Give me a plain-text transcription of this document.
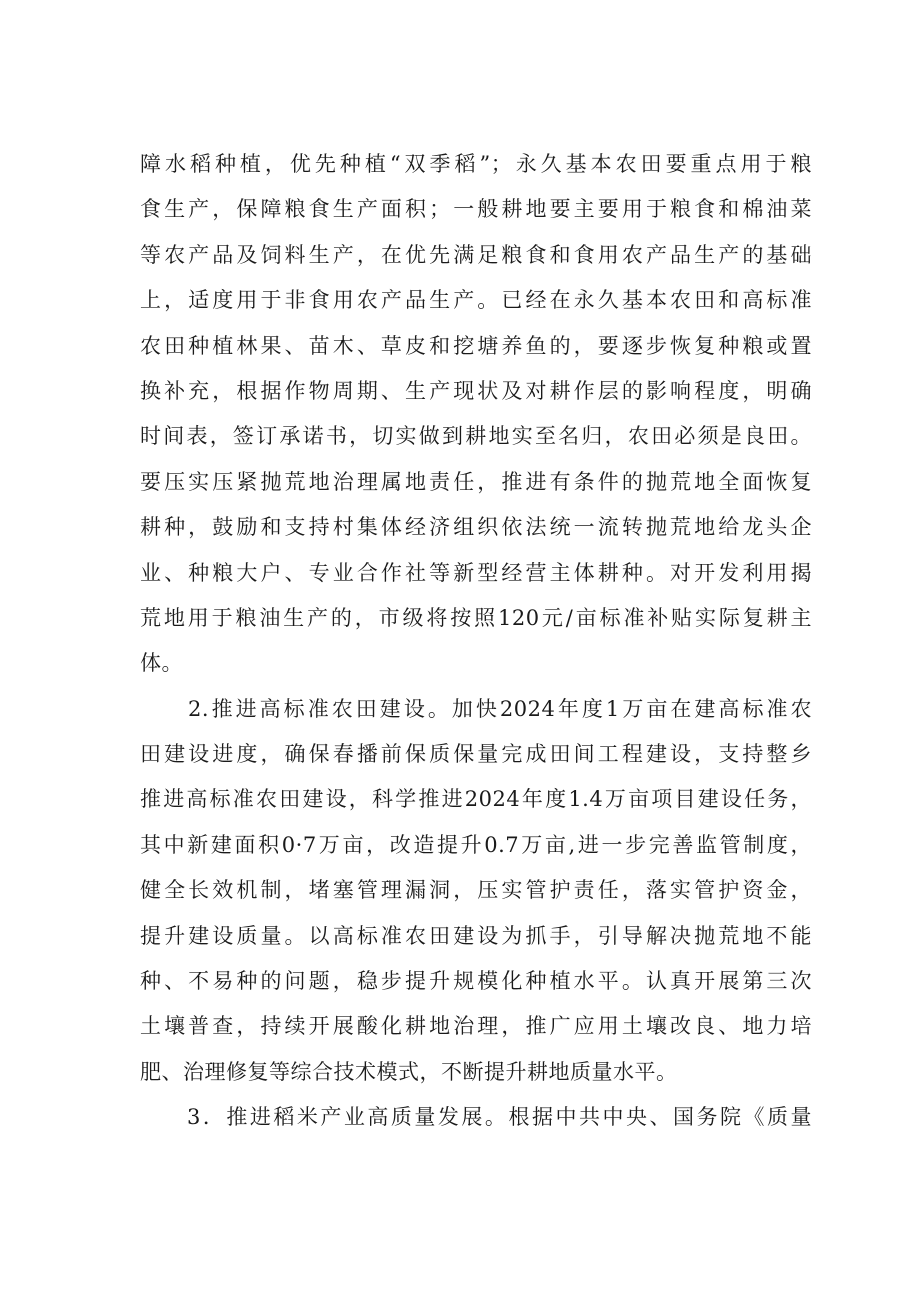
障水稻种植，优先种植“双季稻”；永久基本农田要重点用于粮
食生产，保障粮食生产面积；一般耕地要主要用于粮食和棉油菜
等农产品及饲料生产，在优先满足粮食和食用农产品生产的基础
上，适度用于非食用农产品生产。已经在永久基本农田和高标准
农田种植林果、苗木、草皮和挖塘养鱼的，要逐步恢复种粮或置
换补充，根据作物周期、生产现状及对耕作层的影响程度，明确
时间表，签订承诺书，切实做到耕地实至名归，农田必须是良田。
要压实压紧抛荒地治理属地责任，推进有条件的抛荒地全面恢复
耕种，鼓励和支持村集体经济组织依法统一流转抛荒地给龙头企
业、种粮大户、专业合作社等新型经营主体耕种。对开发利用揭
荒地用于粮油生产的，市级将按照120元/亩标准补贴实际复耕主
体。
　　2.推进高标准农田建设。加快2024年度1万亩在建高标准农
田建设进度，确保春播前保质保量完成田间工程建设，支持整乡
推进高标准农田建设，科学推进2024年度1.4万亩项目建设任务，
其中新建面积0·7万亩，改造提升0.7万亩,进一步完善监管制度，
健全长效机制，堵塞管理漏洞，压实管护责任，落实管护资金，
提升建设质量。以高标准农田建设为抓手，引导解决抛荒地不能
种、不易种的问题，稳步提升规模化种植水平。认真开展第三次
土壤普查，持续开展酸化耕地治理，推广应用土壤改良、地力培
肥、治理修复等综合技术模式，不断提升耕地质量水平。
　　3．推进稻米产业高质量发展。根据中共中央、国务院《质量
